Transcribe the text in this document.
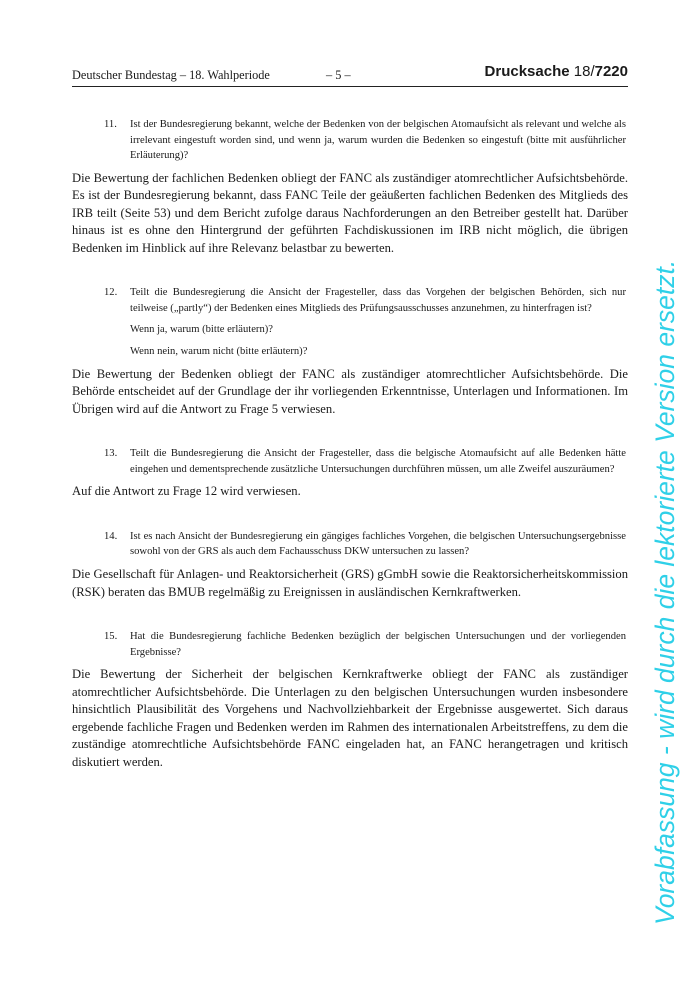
Deutscher Bundestag – 18. Wahlperiode	– 5 –	Drucksache 18/7220
11. Ist der Bundesregierung bekannt, welche der Bedenken von der belgischen Atomaufsicht als relevant und welche als irrelevant eingestuft worden sind, und wenn ja, warum wurden die Bedenken so eingestuft (bitte mit ausführlicher Erläuterung)?

Die Bewertung der fachlichen Bedenken obliegt der FANC als zuständiger atomrechtlicher Aufsichtsbehörde. Es ist der Bundesregierung bekannt, dass FANC Teile der geäußerten fachlichen Bedenken des Mitglieds des IRB teilt (Seite 53) und dem Bericht zufolge daraus Nachforderungen an den Betreiber gestellt hat. Darüber hinaus ist es ohne den Hintergrund der geführten Fachdiskussionen im IRB nicht möglich, die übrigen Bedenken im Hinblick auf ihre Relevanz belastbar zu bewerten.

12. Teilt die Bundesregierung die Ansicht der Fragesteller, dass das Vorgehen der belgischen Behörden, sich nur teilweise („partly“) der Bedenken eines Mitglieds des Prüfungsausschusses anzunehmen, zu hinterfragen ist?

Wenn ja, warum (bitte erläutern)?

Wenn nein, warum nicht (bitte erläutern)?

Die Bewertung der Bedenken obliegt der FANC als zuständiger atomrechtlicher Aufsichtsbehörde. Die Behörde entscheidet auf der Grundlage der ihr vorliegenden Erkenntnisse, Unterlagen und Informationen. Im Übrigen wird auf die Antwort zu Frage 5 verwiesen.

13. Teilt die Bundesregierung die Ansicht der Fragesteller, dass die belgische Atomaufsicht auf alle Bedenken hätte eingehen und dementsprechende zusätzliche Untersuchungen durchführen müssen, um alle Zweifel auszuräumen?

Auf die Antwort zu Frage 12 wird verwiesen.

14. Ist es nach Ansicht der Bundesregierung ein gängiges fachliches Vorgehen, die belgischen Untersuchungsergebnisse sowohl von der GRS als auch dem Fachausschuss DKW untersuchen zu lassen?

Die Gesellschaft für Anlagen- und Reaktorsicherheit (GRS) gGmbH sowie die Reaktorsicherheitskommission (RSK) beraten das BMUB regelmäßig zu Ereignissen in ausländischen Kernkraftwerken.

15. Hat die Bundesregierung fachliche Bedenken bezüglich der belgischen Untersuchungen und der vorliegenden Ergebnisse?

Die Bewertung der Sicherheit der belgischen Kernkraftwerke obliegt der FANC als zuständiger atomrechtlicher Aufsichtsbehörde. Die Unterlagen zu den belgischen Untersuchungen wurden insbesondere hinsichtlich Plausibilität des Vorgehens und Nachvollziehbarkeit der Ergebnisse ausgewertet. Sich daraus ergebende fachliche Fragen und Bedenken werden im Rahmen des internationalen Arbeitstreffens, zu dem die zuständige atomrechtliche Aufsichtsbehörde FANC eingeladen hat, an FANC herangetragen und kritisch diskutiert werden.	Vorabfassung - wird durch die lektorierte Version ersetzt.
